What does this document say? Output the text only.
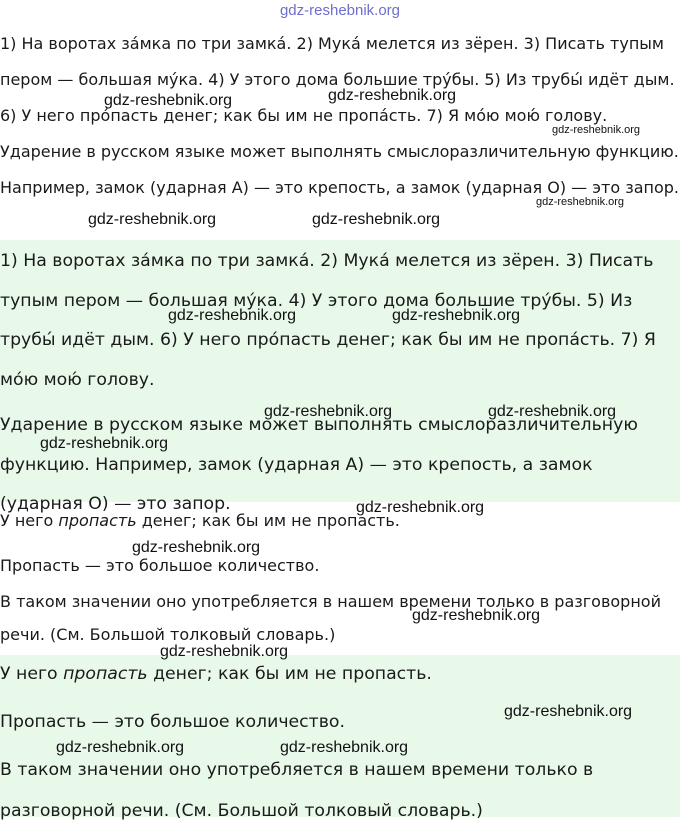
gdz-reshebnik.org

1) На воротах за́мка по три замка́. 2) Мука́ мелется из зёрен. 3) Писать тупым пером — большая му́ка. 4) У этого дома большие тру́бы. 5) Из трубы́ идёт дым. 6) У него про́пасть денег; как бы им не пропа́сть. 7) Я мо́ю мою́ голову.

Ударение в русском языке может выполнять смыслоразличительную функцию. Например, замок (ударная А) — это крепость, а замок (ударная О) — это запор.

1) На воротах за́мка по три замка́. 2) Мука́ мелется из зёрен. 3) Писать тупым пером — большая му́ка. 4) У этого дома большие тру́бы. 5) Из трубы́ идёт дым. 6) У него про́пасть денег; как бы им не пропа́сть. 7) Я мо́ю мою́ голову.

Ударение в русском языке может выполнять смыслоразличительную функцию. Например, замок (ударная А) — это крепость, а замок (ударная О) — это запор.

У него пропасть денег; как бы им не пропасть.

Пропасть — это большое количество.

В таком значении оно употребляется в нашем времени только в разговорной речи. (См. Большой толковый словарь.)

У него пропасть денег; как бы им не пропасть.

Пропасть — это большое количество.

В таком значении оно употребляется в нашем времени только в разговорной речи. (См. Большой толковый словарь.)

gdz-reshebnik.org	gdz-reshebnik.org
gdz-reshebnik.org
gdz-reshebnik.org
gdz-reshebnik.org	gdz-reshebnik.org
gdz-reshebnik.org	gdz-reshebnik.org
gdz-reshebnik.org	gdz-reshebnik.org
gdz-reshebnik.org
gdz-reshebnik.org
gdz-reshebnik.org
gdz-reshebnik.org
gdz-reshebnik.org
gdz-reshebnik.org
gdz-reshebnik.org	gdz-reshebnik.org
